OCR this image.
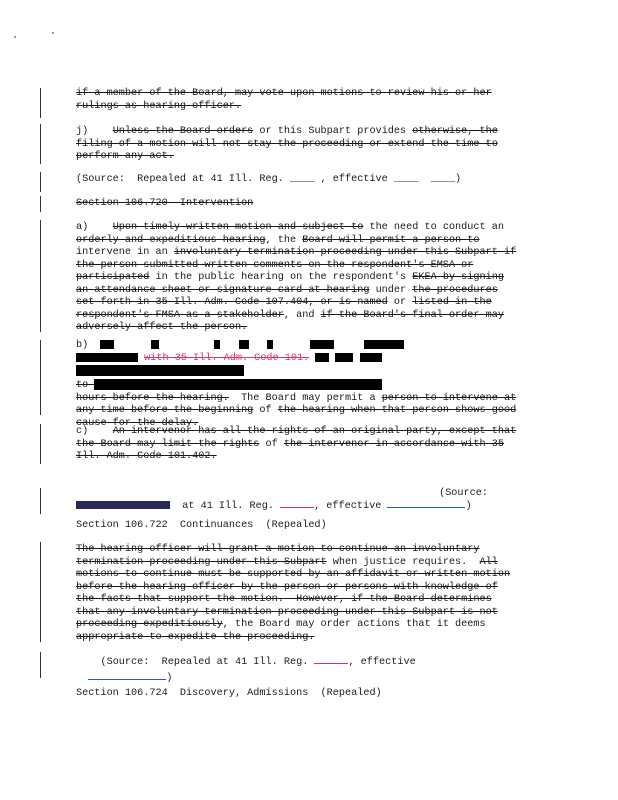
if a member of the Board, may vote upon motions to review his or her
rulings as hearing officer.
j)    Unless the Board orders or this Subpart provides otherwise, the
filing of a motion will not stay the proceeding or extend the time to
perform any act.
(Source:  Repealed at 41 Ill. Reg. ____ , effective ____  ____)
Section 106.720  Intervention
a)    Upon timely written motion and subject to the need to conduct an
orderly and expeditious hearing, the Board will permit a person to
intervene in an involuntary termination proceeding under this Subpart if
the person submitted written comments on the respondent's EMSA or
participated in the public hearing on the respondent's EKEA by signing
an attendance sheet or signature card at hearing under the procedures
set forth in 35 Ill. Adm. Code 107.404, or is named or listed in the
respondent's FMSA as a stakeholder, and if the Board's final order may
adversely affect the person.
b)
with 35 Ill. Adm. Code 101.
to
hours before the hearing.  The Board may permit a person to intervene at
any time before the beginning of the hearing when that person shows good
cause for the delay.
c)    An intervenor has all the rights of an original party, except that
the Board may limit the rights of the intervenor in accordance with 35
Ill. Adm. Code 101.402.
(Source:
at 41 Ill. Reg.	, effective	)
Section 106.722  Continuances  (Repealed)
The hearing officer will grant a motion to continue an involuntary
termination proceeding under this Subpart when justice requires.  All
motions to continue must be supported by an affidavit or written motion
before the hearing officer by the person or persons with knowledge of
the facts that support the motion.  However, if the Board determines
that any involuntary termination proceeding under this Subpart is not
proceeding expeditiously, the Board may order actions that it deems
appropriate to expedite the proceeding.
(Source:  Repealed at 41 Ill. Reg.	, effective
)
Section 106.724  Discovery, Admissions  (Repealed)
